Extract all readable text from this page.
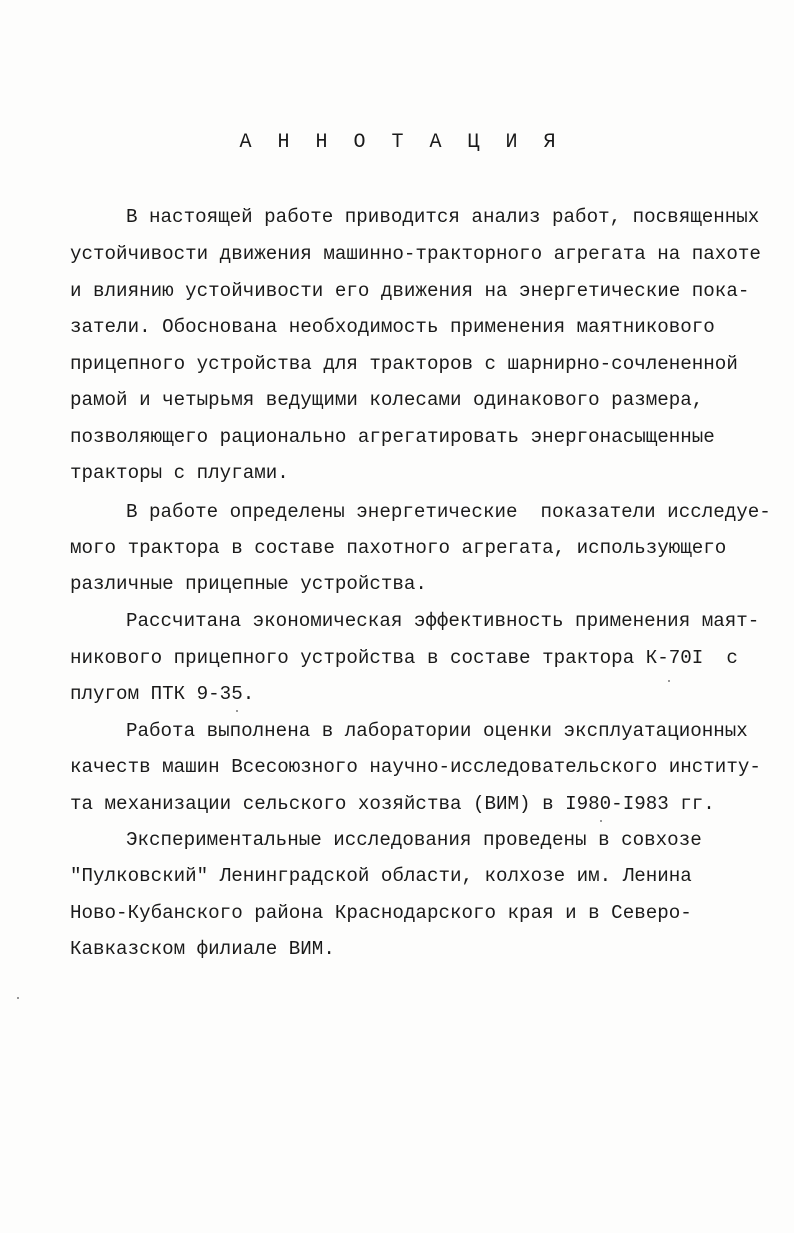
А Н Н О Т А Ц И Я
В настоящей работе приводится анализ работ, посвященных
устойчивости движения машинно-тракторного агрегата на пахоте
и влиянию устойчивости его движения на энергетические пока-
затели. Обоснована необходимость применения маятникового
прицепного устройства для тракторов с шарнирно-сочлененной
рамой и четырьмя ведущими колесами одинакового размера,
позволяющего рационально агрегатировать энергонасыщенные
тракторы с плугами.
В работе определены энергетические  показатели исследуе-
мого трактора в составе пахотного агрегата, использующего
различные прицепные устройства.
Рассчитана экономическая эффективность применения маят-
никового прицепного устройства в составе трактора К-70I  с
плугом ПТК 9-35.
Работа выполнена в лаборатории оценки эксплуатационных
качеств машин Всесоюзного научно-исследовательского институ-
та механизации сельского хозяйства (ВИМ) в I980-I983 гг.
Экспериментальные исследования проведены в совхозе
"Пулковский" Ленинградской области, колхозе им. Ленина
Ново-Кубанского района Краснодарского края и в Северо-
Кавказском филиале ВИМ.
